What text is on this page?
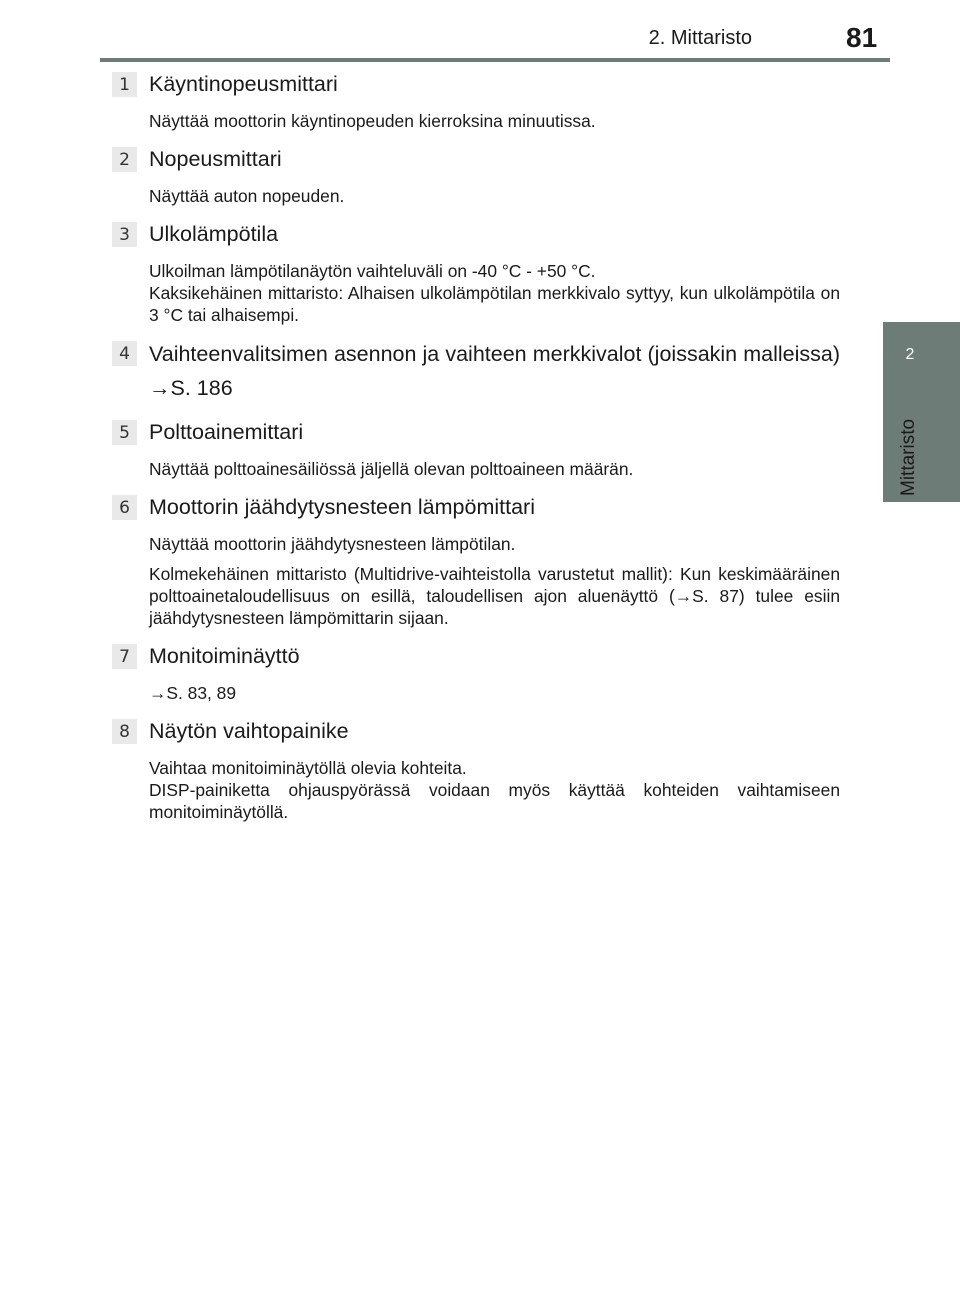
2. Mittaristo	81
2
Mittaristo
1 Käyntinopeusmittari

Näyttää moottorin käyntinopeuden kierroksina minuutissa.

2 Nopeusmittari

Näyttää auton nopeuden.

3 Ulkolämpötila

Ulkoilman lämpötilanäytön vaihteluväli on -40 °C - +50 °C.

Kaksikehäinen mittaristo: Alhaisen ulkolämpötilan merkkivalo syttyy, kun ulkolämpötila on 3 °C tai alhaisempi.

4 Vaihteenvalitsimen asennon ja vaihteen merkkivalot (joissakin malleissa) →S. 186
5 Polttoainemittari

Näyttää polttoainesäiliössä jäljellä olevan polttoaineen määrän.

6 Moottorin jäähdytysnesteen lämpömittari

Näyttää moottorin jäähdytysnesteen lämpötilan.

Kolmekehäinen mittaristo (Multidrive-vaihteistolla varustetut mallit): Kun keskimääräinen polttoainetaloudellisuus on esillä, taloudellisen ajon aluenäyttö (→S. 87) tulee esiin jäähdytysnesteen lämpömittarin sijaan.

7 Monitoiminäyttö

→S. 83, 89

8 Näytön vaihtopainike

Vaihtaa monitoiminäytöllä olevia kohteita.

DISP-painiketta ohjauspyörässä voidaan myös käyttää kohteiden vaihtamiseen monitoiminäytöllä.
